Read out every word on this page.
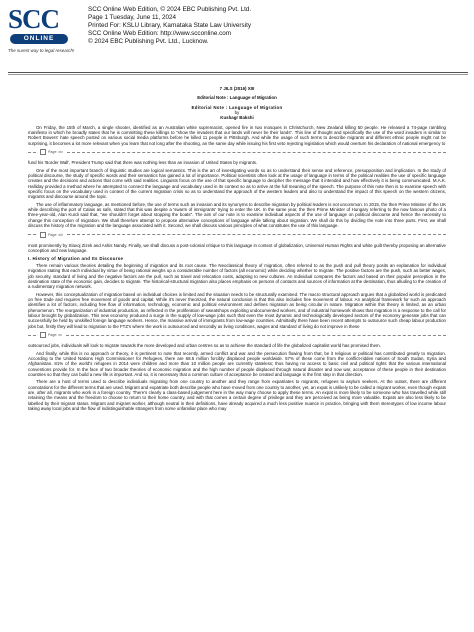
SCC
ONLINE
The surest way to legal research!
SCC Online Web Edition, © 2024 EBC Publishing Pvt. Ltd.
Page 1 Tuesday, June 11, 2024
Printed For: KSLU Library, Karnataka State Law University
SCC Online Web Edition: http://www.scconline.com
© 2024 EBC Publishing Pvt. Ltd., Lucknow.
7 JILS (2016) XIII
Editorial Note : Language of Migration
Editorial Note : Language of Migration
by
Kushagr Bakshi

On Friday, the 15th of March, a single shooter, identified as an Australian white supremacist, opened fire in two mosques in Christchurch, New Zealand killing 50 people. He released a 74-page rambling manifesto in which he broadly states that he is committing these killings to "show the invaders that our lands will never be their lands". This line of thought and specifically the use of the word invaders is similar to Robert Bowers' hate speech posted on various social media platforms before he killed 11 people in Pittsburgh. And while the usage of such terms to describe migrants and different ethnic people might not be surprising, it becomes a lot more relevant when you learn that not long after the shooting, an the same day while issuing his first veto rejecting legislation which would overturn his declaration of national emergency to

Page: xiv

fund his 'Border Wall', President Trump said that there was nothing less than an invasion of United States by migrants.

One of the most important branch of linguistic studies are logical semantics. This is the art of investigating words so as to understand their sense and reference, presupposition and implication. In the study of political discourse, the study of specific words and their semantics has gained a lot of importance. Political scientists often look at the usage of language in terms of the political realities the use of specific language creates and the decisions and actions that come with said realities. Linguists focus on the use of that specific language to decipher the message that it intended and how effectively it is being communicated. M.A.K. Halliday provided a method where he attempted to connect the language and vocabulary used in its context so as to arrive at the full meaning of the speech. The purpose of this note then is to examine speech with specific focus on the vocabulary used in context of the current migration crisis so as to understand the approach of the western leaders and also to understand the impact of this speech on the western citizens, migrants and discourse around the topic.

The use of inflammatory language, as mentioned before, the use of terms such as invasion and its synonyms to describe migration by political leaders is not uncommon. In 2015, the then Prime Minister of the UK while describing the port of Calais as safe, stated that this was despite a 'swarm of immigrants' trying to enter the UK. In the same year, the then Prime Minister of Hungary referring to the now famous photo of a three-year-old, Alan Kurdi said that, "we shouldn't forget about stopping the boats". The aim of our note is to examine individual aspects of the use of language on political discourse and hence the necessity to change this conception of migration. We shall therefore attempt to propose alternative conceptions of language while talking about migration. We shall do this by dividing the note into three parts. First, we shall discuss the history of the migration and the language associated with it. Second, we shall discuss various principles of what constitutes the use of this language.

Page: xiii

most prominently by Slavoj Zizek and Ashis Nandy. Finally, we shall discuss a post-colonial critique to this language in context of globalization, Universal Human Rights and white guilt thereby proposing an alternative conception and new language.

I. History of Migration and Its Discourse

There remain various theories detailing the beginning of migration and its root cause. The Neoclassical theory of migration, often referred to as the push and pull theory posits an explanation for individual migration stating that each individual by virtue of being rational weighs up a considerable number of factors (all economic) while deciding whether to migrate. The positive factors are the push, such as better wages, job security, standard of living and the negative factors are the pull, such as travel and relocation costs, adapting to new cultures. An individual compares the factors and based on their popular perception in the destination state of the economic gain, decides to migrate. The historical-structural migration also places emphasis on persons of contacts and sources of information at the destination, thus alluding to the creation of a rudimentary migration network.

However, this conceptualization of migration based on individual choices is limited and the situation needs to be structurally examined. The macro structural approach argues that a globalized world is predicated on free trade and requires free movement of goods and capital. While it's never theorized, the natural conclusion is that this also includes free movement of labour. An analytical framework for such an approach identifies a lot of factors, including free flow of information, technology, economic and political environment and defines migration as being circular in nature. Migration within this theory is limited, as an urban phenomenon. The reorganization of industrial production, as reflected in the proliferation of sweatshops exploiting undocumented workers, and of industrial homework shows that migration is a response to the call for labour brought by globalization. This new economy produced a surge in the supply of low-wage jobs such that even the most dynamic and technologically developed sectors of the economy generate jobs that can successfully be held by unskilled foreign language workers. Hence, the massive arrival of immigrants from low-wage countries. Admittedly there have been recent attempts to outsource such cheap labour production jobs but, firstly they will lead to migration to the FTZ's where the work is outsourced and secondly as living conditions, wages and standard of living do not improve in these

Page: xv

outsourced jobs, individuals will look to migrate towards the more developed and urban centres so as to achieve the standard of life the globalized capitalist world has promised them.

And finally, while this is no approach or theory, it is pertinent to note that recently, armed conflict and war and the persecution flowing from that, be it religious or political has contributed greatly to migration. According to the United Nations High Commissioner for Refugees, there are 68.5 million forcibly displaced people worldwide. 57% of these come from the conflict-ridden nations of South Sudan, Syria and Afghanistan. 81% of the world's refugees in 2014 were children and more than 10 million people are currently stateless; thus having no access to basic civil and political rights that the various international conventions provide for. In the face of two broader theories of economic migration and the high number of people displaced through natural disaster and now war, acceptance of these people in their destination countries so that they can build a new life is important. And so, it is necessary that a common culture of acceptance be created and language is the first step in that direction.

There are a host of terms used to describe individuals migrating from one country to another and they range from expatriates to migrants, refugees to asylum seekers. At the outset, there are different connotations for the different terms that are used. Migrant and expatriate both describe people who have moved from one country to another, yet, an expat is unlikely to be called a migrant worker, even though expats are, after all, migrants who work in a foreign country. There's clearly a class-based judgement here in the way many choose to apply these terms. An expat is more likely to be someone who has travelled while still retaining the means and the freedom to choose to return to their home country, and with that comes a certain degree of privilege and they are perceived as being more valuable. Expats are also less likely to be labelled by their migrant status. Migrant and migrant worker, although neutral in their definitions, have already acquired a much less positive nuance in practice, bringing with them stereotypes of low income labour taking away local jobs and the flow of indistinguishable strangers from some unfamiliar place who may
